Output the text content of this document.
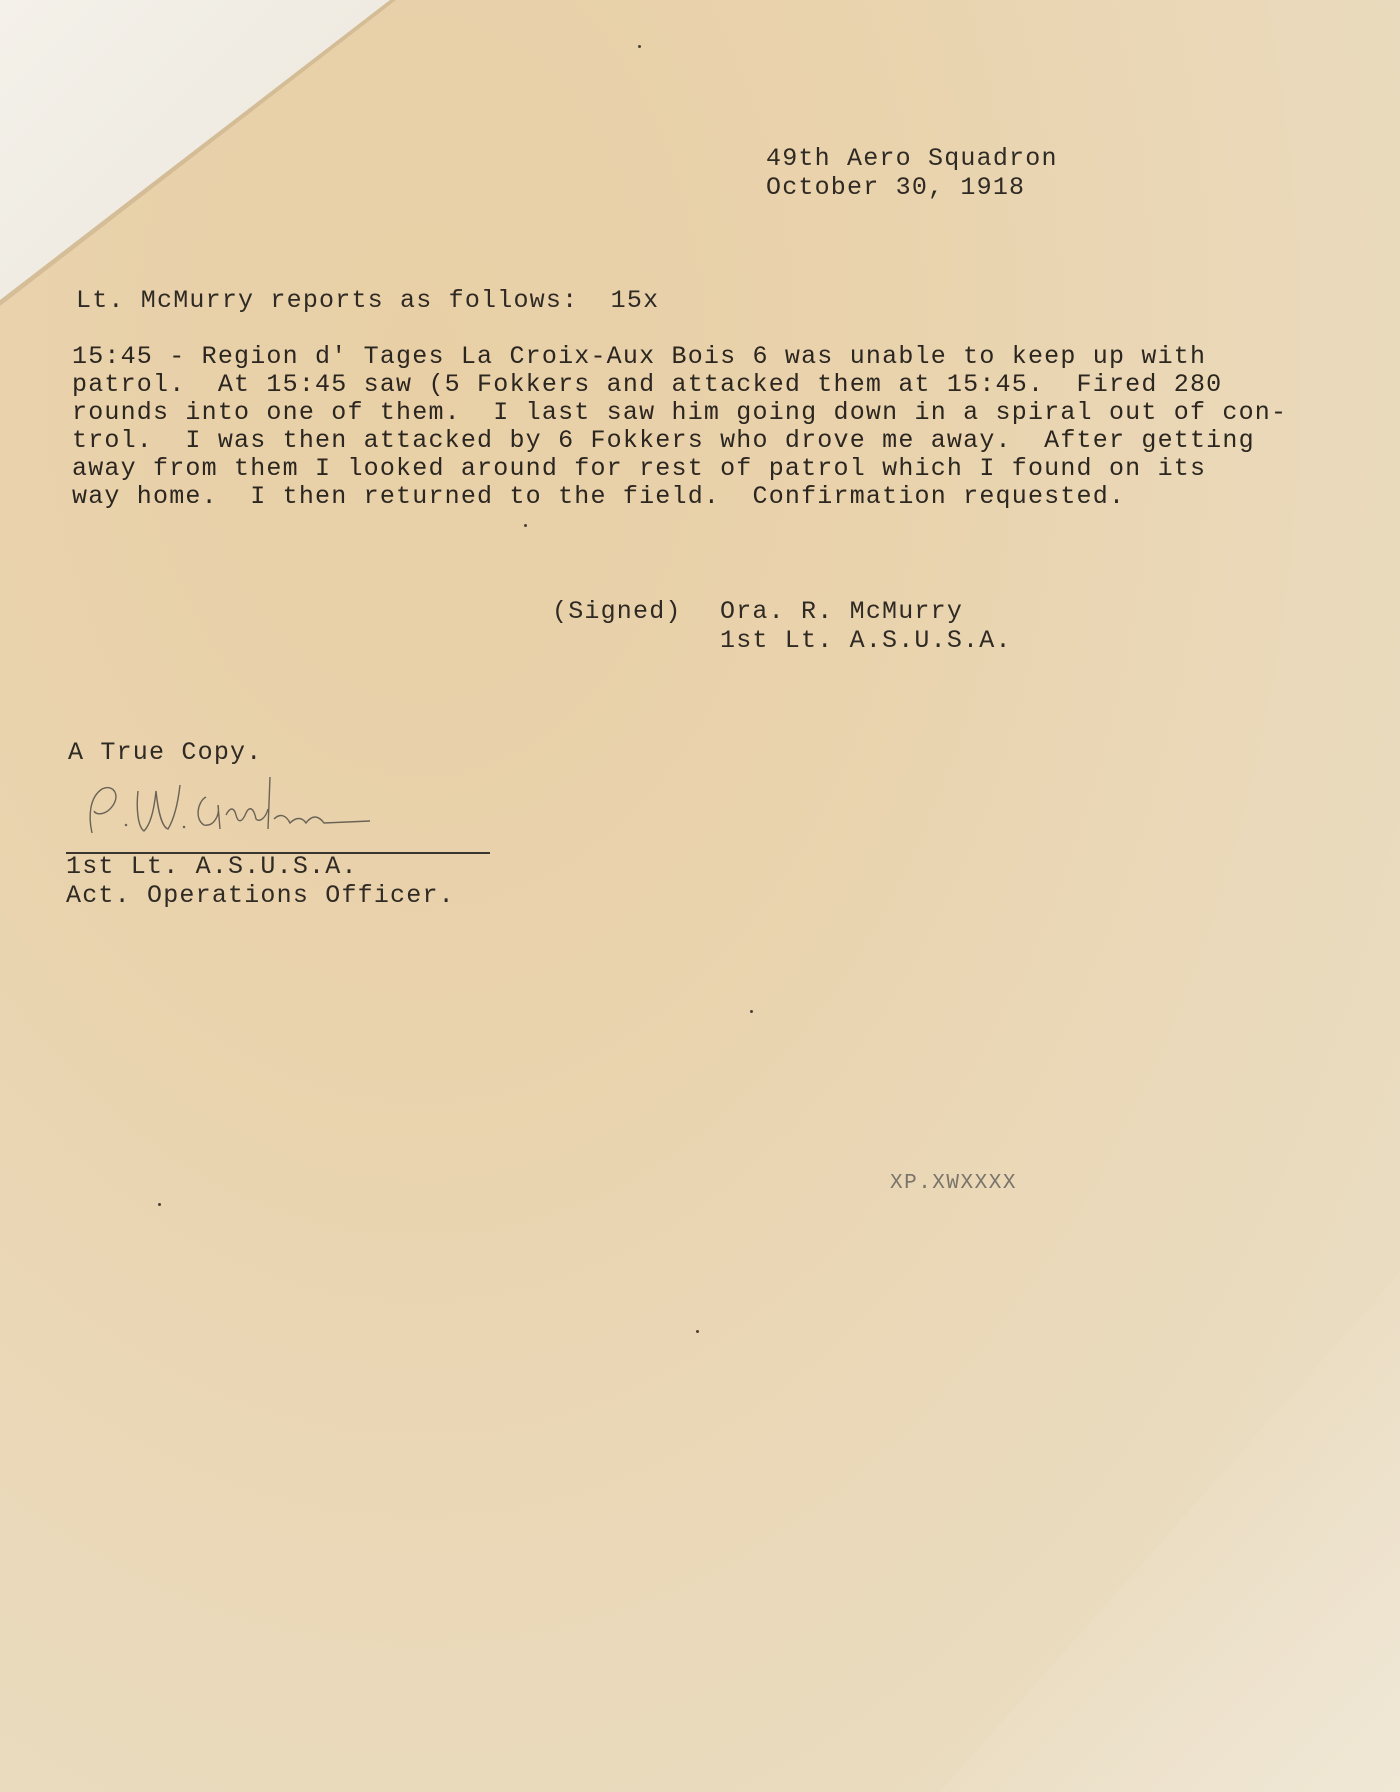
49th Aero Squadron
October 30, 1918
Lt. McMurry reports as follows:  15x
15:45 - Region d' Tages La Croix-Aux Bois 6 was unable to keep up with
patrol.  At 15:45 saw (5 Fokkers and attacked them at 15:45.  Fired 280
rounds into one of them.  I last saw him going down in a spiral out of con-
trol.  I was then attacked by 6 Fokkers who drove me away.  After getting
away from them I looked around for rest of patrol which I found on its
way home.  I then returned to the field.  Confirmation requested.
(Signed) Ora. R. McMurry
1st Lt. A.S.U.S.A.
A True Copy.
1st Lt. A.S.U.S.A.
Act. Operations Officer.
XP.XWXXXX
